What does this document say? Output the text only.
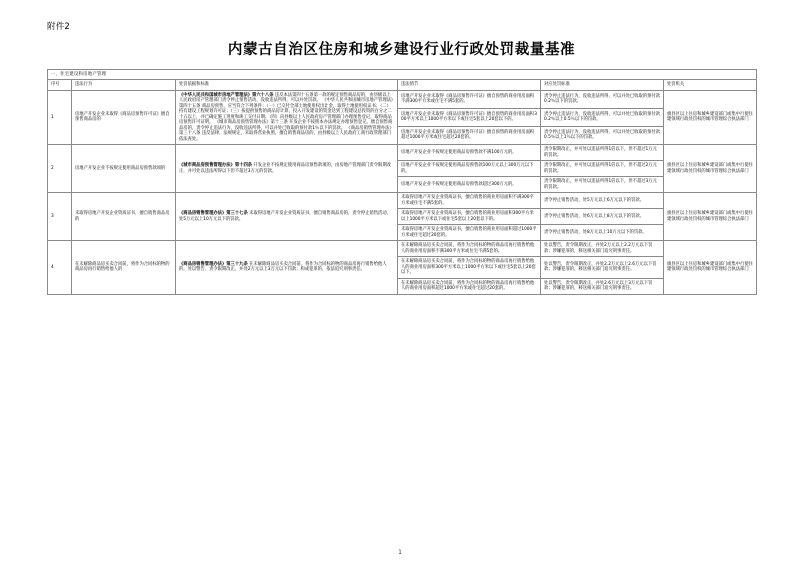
附件2
内蒙古自治区住房和城乡建设行业行政处罚裁量基准
一、住宅建设和房地产管理					
序号	违法行为	处罚依据和标准	违法情节	对应处罚标准	处罚机关
1	房地产开发企业未取得《商品房预售许可证》擅自预售商品房的	《中华人民共和国城市房地产管理法》第六十八条 违反本法第四十五条第一款的规定预售商品房的，由县级以上人民政府房产管理部门责令停止预售活动，没收违法所得，可以并处罚款。 《中华人民共和国城市房地产管理法》第四十五条 商品房预售，应当符合下列条件：（一）已交付全部土地使用权出让金，取得土地使用权证书；（二）持有建设工程规划许可证；（三）按提供预售的商品房计算，投入开发建设的资金达到工程建设总投资的百分之二十五以上，并已确定施工进度和竣工交付日期；（四）向县级以上人民政府房产管理部门办理预售登记，取得商品房预售许可证明。 《城市商品房预售管理办法》第十三条 开发企业不按照本办法规定办理预售登记，擅自预售商品房的，责令停止违法行为，没收违法所得，可以并处已收取的预付款1％以下的罚款。 《商品房销售管理办法》第三十八条 违反法律、法规规定，未取得营业执照，擅自销售商品房的，由县级以上人民政府工商行政管理部门依法查处。	房地产开发企业未取得《商品房预售许可证》擅自预售的商业用房面积不满300平方米或住宅不满5套的。	责令停止违法行为，没收违法所得，可以并处已收取的预付款0.2％以下的罚款。	旗县区以上住房和城乡建设部门或集中行使住建领域行政处罚权的城市管理综合执法部门
			房地产开发企业未取得《商品房预售许可证》擅自预售的商业用房面积300平方米以上1000平方米以下或住宅5套以上20套以下的。	责令停止违法行为，没收违法所得，可以并处已收取的预付款0.2％以上0.5％以下的罚款。	
			房地产开发企业未取得《商品房预售许可证》擅自预售的商业用房面积超过1000平方米或住宅超过20套的。	责令停止违法行为，没收违法所得，可以并处已收取的预付款0.5％以上1％以下的罚款。	
2	房地产开发企业不按规定使用商品房预售款项的	《城市商品房预售管理办法》第十四条 开发企业不按规定使用商品房预售款项的，由房地产管理部门责令限期改正，并可处以违法所得以下但不超过3万元的罚款。	房地产开发企业不按规定使用商品房预售款不满100万元的。	责令限期改正，并可处以违法所得1倍以下，但不超过1万元的罚款。	旗县区以上住房和城乡建设部门或集中行使住建领域行政处罚权的城市管理综合执法部门
			房地产开发企业不按规定使用商品房预售款100万元以上300万元以下的。	责令限期改正，并可处以违法所得1倍以下，但不超过2万元的罚款。	
			房地产开发企业不按规定使用商品房预售款超过300万元的。	责令限期改正，并可处以违法所得1倍以下，但不超过3万元的罚款。	
3	未取得房地产开发企业资质证书，擅自销售商品房的	《商品房销售管理办法》第三十七条 未取得房地产开发企业资质证书，擅自销售商品房的，责令停止销售活动，处5万元以上10万元以下的罚款。	未取得房地产开发企业资质证书，擅自销售的商业用房面积不满300平方米或住宅不满5套的。	责令停止销售活动，处5万元以上6万元以下的罚款。	旗县区以上住房和城乡建设部门或集中行使住建领域行政处罚权的城市管理综合执法部门
			未取得房地产开发企业资质证书，擅自销售的商业用房面积300平方米以上1000平方米以下或住宅5套以上20套以下的。	责令停止销售活动，处6万元以上8万元以下的罚款。	
			未取得房地产开发企业资质证书，擅自销售的商业用房面积超过1000平方米或住宅超过20套的。	责令停止销售活动，处8万元以上10万元以下的罚款。	
4	在未解除商品房买卖合同前，将作为合同标的物的商品房再行销售给他人的	《商品房销售管理办法》第三十九条 在未解除商品房买卖合同前，将作为合同标的物的商品房再行销售给他人的，处以警告、责令限期改正，并处2万元以上3万元以下罚款；构成犯罪的，依法追究刑事责任。	在未解除商品房买卖合同前，将作为合同标的物的商品房再行销售给他人的商业用房面积不满300平方米或住宅不满5套的。	处以警告，责令限期改正，并处2万元以上2.2万元以下罚款；涉嫌犯罪的，移送相关部门追究刑事责任。	旗县区以上住房和城乡建设部门或集中行使住建领域行政处罚权的城市管理综合执法部门
			在未解除商品房买卖合同前，将作为合同标的物的商品房再行销售给他人的商业用房面积300平方米以上1000平方米以下或住宅5套以上20套以下。	处以警告，责令限期改正，并处2.2万元以上2.6万元以下罚款；涉嫌犯罪的，移送相关部门追究刑事责任。	
			在未解除商品房买卖合同前，将作为合同标的物的商品房再行销售给他人的商业用房面积超过1000平方米或住宅超过20套的。	处以警告，责令限期改正，并处2.6万元以上3万元以下罚款；涉嫌犯罪的，移送相关部门追究刑事责任。	
1
